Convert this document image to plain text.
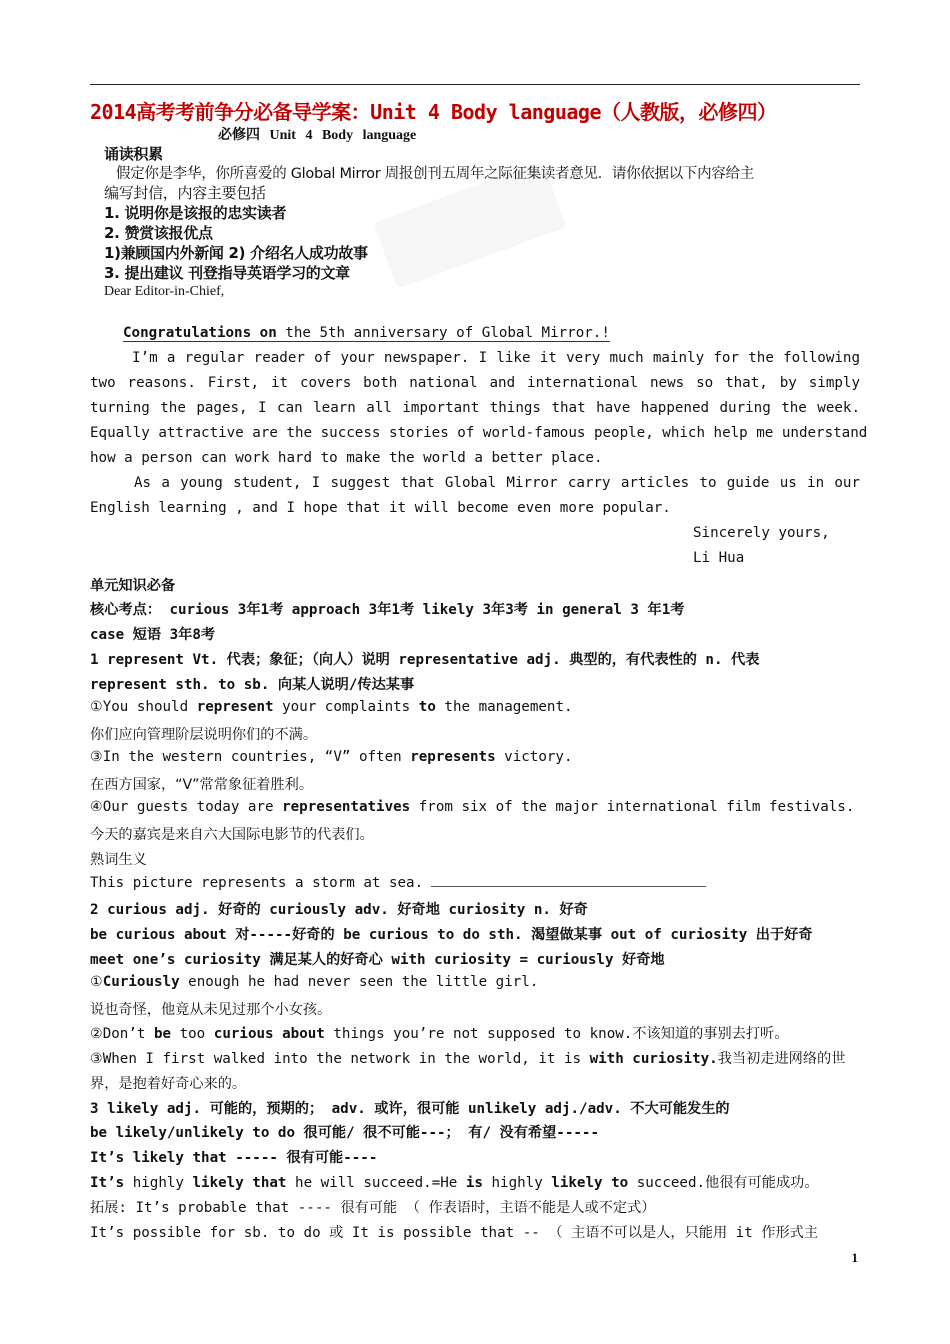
2014高考考前争分必备导学案：Unit 4 Body language（人教版，必修四）
必修四 Unit 4 Body language
诵读积累
假定你是李华，你所喜爱的 Global Mirror 周报创刊五周年之际征集读者意见．请你依据以下内容给主
编写封信，内容主要包括
1. 说明你是该报的忠实读者
2. 赞赏该报优点
1)兼顾国内外新闻 2) 介绍名人成功故事
3. 提出建议 刊登指导英语学习的文章
Dear Editor-in-Chief,
Congratulations on the 5th anniversary of Global Mirror.!
I’m a regular reader of your newspaper. I like it very much mainly for the following
two reasons. First, it covers both national and international news so that, by simply
turning the pages, I can learn all important things that have happened during the week.
Equally attractive are the success stories of world-famous people, which help me understand
how a person can work hard to make the world a better place.
As a young student, I suggest that Global Mirror carry articles to guide us in our
English learning , and I hope that it will become even more popular.
Sincerely yours,
Li Hua
单元知识必备
核心考点： curious 3年1考 approach 3年1考 likely 3年3考 in general 3 年1考
case 短语 3年8考
1 represent Vt. 代表；象征；（向人）说明 representative adj. 典型的，有代表性的 n. 代表
represent sth. to sb. 向某人说明/传达某事
①You should represent your complaints to the management.
你们应向管理阶层说明你们的不满。
③In the western countries, “V” often represents victory.
在西方国家，“V”常常象征着胜利。
④Our guests today are representatives from six of the major international film festivals.
今天的嘉宾是来自六大国际电影节的代表们。
熟词生义
This picture represents a storm at sea.
2 curious adj. 好奇的 curiously adv. 好奇地 curiosity n. 好奇
be curious about 对-----好奇的 be curious to do sth. 渴望做某事 out of curiosity 出于好奇
meet one’s curiosity 满足某人的好奇心 with curiosity = curiously 好奇地
①Curiously enough he had never seen the little girl.
说也奇怪，他竟从未见过那个小女孩。
②Don’t be too curious about things you’re not supposed to know.不该知道的事别去打听。
③When I first walked into the network in the world, it is with curiosity.我当初走进网络的世
界，是抱着好奇心来的。
3 likely adj. 可能的，预期的； adv. 或许，很可能 unlikely adj./adv. 不大可能发生的
be likely/unlikely to do 很可能/ 很不可能---； 有/ 没有希望-----
It’s likely that ----- 很有可能----
It’s highly likely that he will succeed.=He is highly likely to succeed.他很有可能成功。
拓展: It’s probable that ---- 很有可能 （ 作表语时，主语不能是人或不定式）
It’s possible for sb. to do 或 It is possible that -- （ 主语不可以是人，只能用 it 作形式主
1
